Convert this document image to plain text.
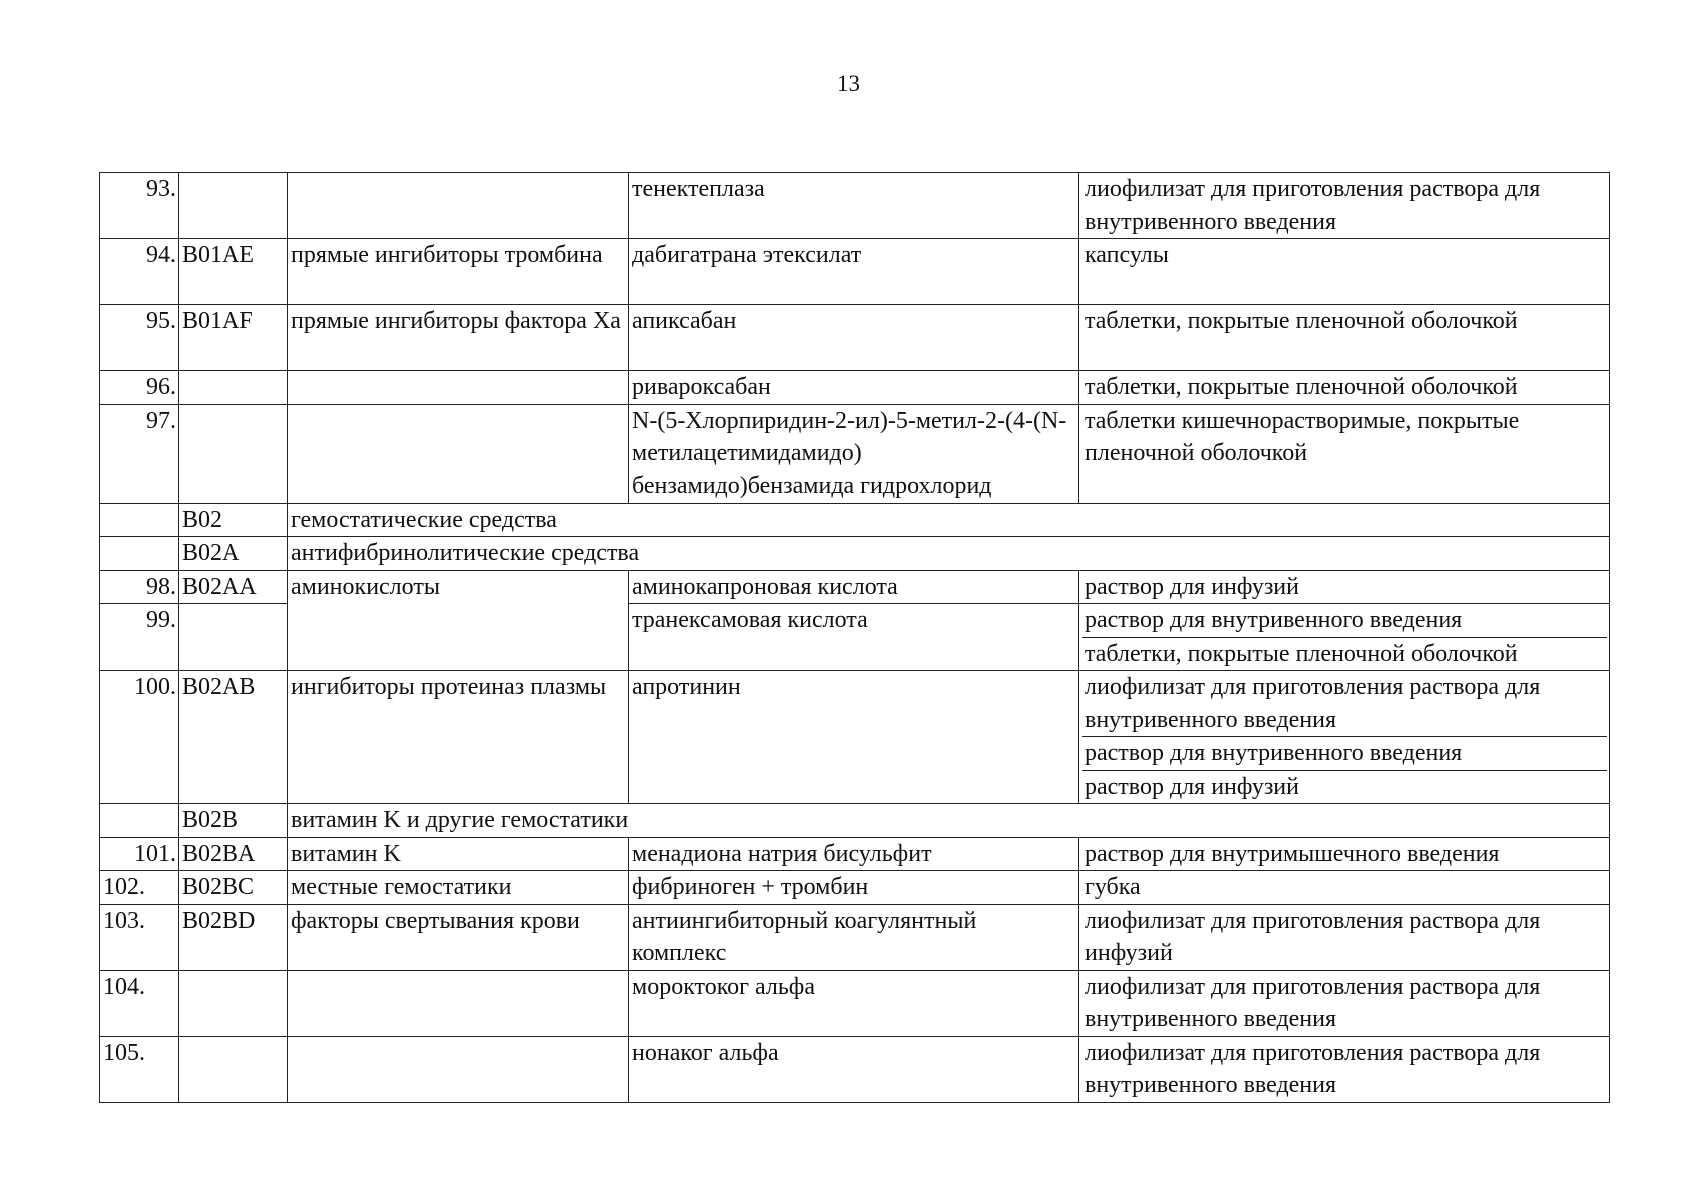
13
93.			тенектеплаза	лиофилизат для приготовления раствора для внутривенного введения

94.	B01AE	прямые ингибиторы тромбина	дабигатрана этексилат	капсулы

95.	B01AF	прямые ингибиторы фактора Xa	апиксабан	таблетки, покрытые пленочной оболочкой

96.			ривароксабан	таблетки, покрытые пленочной оболочкой

97.			N-(5-Хлорпиридин-2-ил)-5-метил-2-(4-(N-метилацетимидамидо) бензамидо)бензамида гидрохлорид	таблетки кишечнорастворимые, покрытые пленочной оболочкой

	B02	гемостатические средства		
	B02A	антифибринолитические средства		
98.	B02AA	аминокислоты	аминокапроновая кислота	раствор для инфузий

99.			транексамовая кислота	раствор для внутривенного введения
таблетки, покрытые пленочной оболочкой

100.	B02AB	ингибиторы протеиназ плазмы	апротинин	лиофилизат для приготовления раствора для внутривенного введения
раствор для внутривенного введения
раствор для инфузий

	B02B	витамин K и другие гемостатики		
101.	B02BA	витамин K	менадиона натрия бисульфит	раствор для внутримышечного введения

102.	B02BC	местные гемостатики	фибриноген + тромбин	губка

103.	B02BD	факторы свертывания крови	антиингибиторный коагулянтный комплекс	лиофилизат для приготовления раствора для инфузий

104.			мороктоког альфа	лиофилизат для приготовления раствора для внутривенного введения

105.			нонаког альфа	лиофилизат для приготовления раствора для внутривенного введения
